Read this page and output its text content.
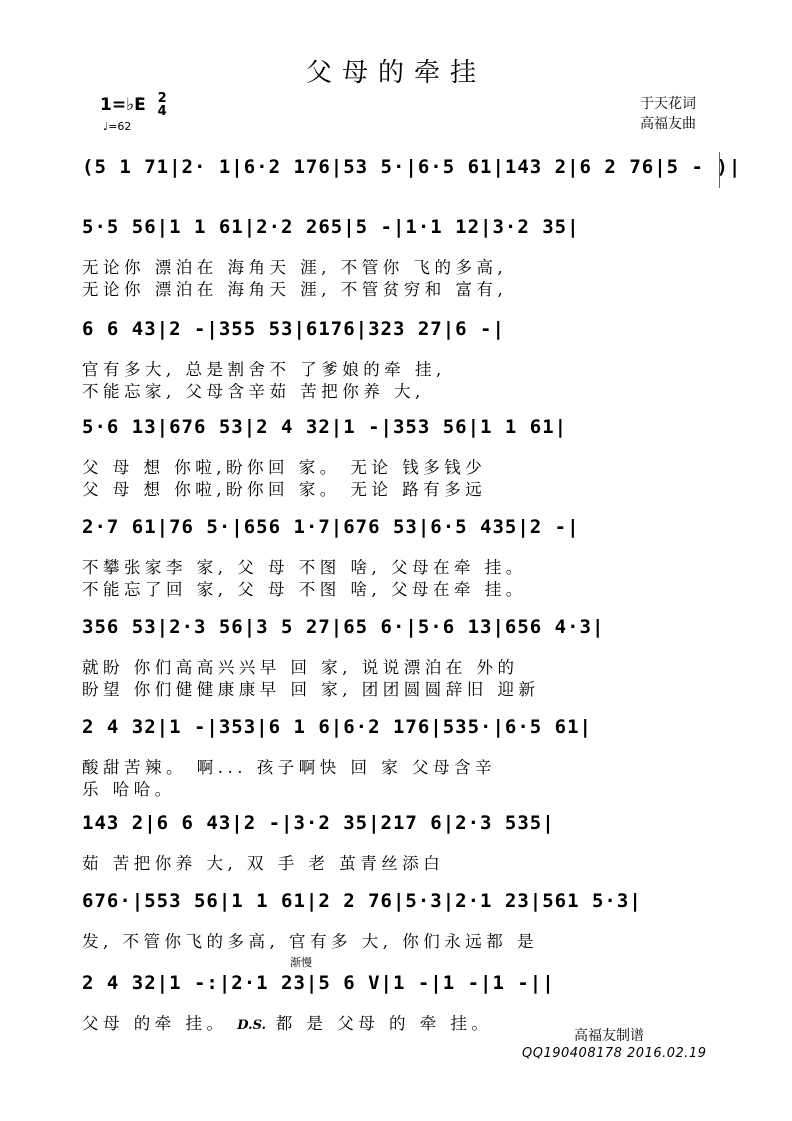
父母的牵挂
1=♭E 2
4
♩=62
于天花词
高福友曲
(5 1 71|2· 1|6·2 176|53 5·|6·5 61|143 2|6 2 76|5 - )|
5·5 56|1 1 61|2·2 265|5 -|1·1 12|3·2 35|
无论你 漂泊在 海角天 涯, 不管你 飞的多高,
无论你 漂泊在 海角天 涯, 不管贫穷和 富有,
6 6 43|2 -|355 53|6176|323 27|6 -|
官有多大, 总是割舍不 了爹娘的牵 挂,
不能忘家, 父母含辛茹 苦把你养 大,
5·6 13|676 53|2 4 32|1 -|353 56|1 1 61|
父 母 想 你啦,盼你回 家。 无论 钱多钱少
父 母 想 你啦,盼你回 家。 无论 路有多远
2·7 61|76 5·|656 1·7|676 53|6·5 435|2 -|
不攀张家李 家, 父 母 不图 啥, 父母在牵 挂。
不能忘了回 家, 父 母 不图 啥, 父母在牵 挂。
356 53|2·3 56|3 5 27|65 6·|5·6 13|656 4·3|
就盼 你们高高兴兴早 回 家, 说说漂泊在 外的
盼望 你们健健康康早 回 家, 团团圆圆辞旧 迎新
2 4 32|1 -|353|6 1 6|6·2 176|535·|6·5 61|
酸甜苦辣。 啊... 孩子啊快 回 家 父母含辛
乐 哈哈。
143 2|6 6 43|2 -|3·2 35|217 6|2·3 535|
茹 苦把你养 大, 双 手 老 茧青丝添白
676·|553 56|1 1 61|2 2 76|5·3|2·1 23|561 5·3|
发, 不管你飞的多高, 官有多 大, 你们永远都 是
渐慢
2 4 32|1 -:|2·1 23|5 6 V|1 -|1 -|1 -||
父母 的牵 挂。 D.S. 都 是 父母 的 牵 挂。
高福友制谱
QQ190408178 2016.02.19
